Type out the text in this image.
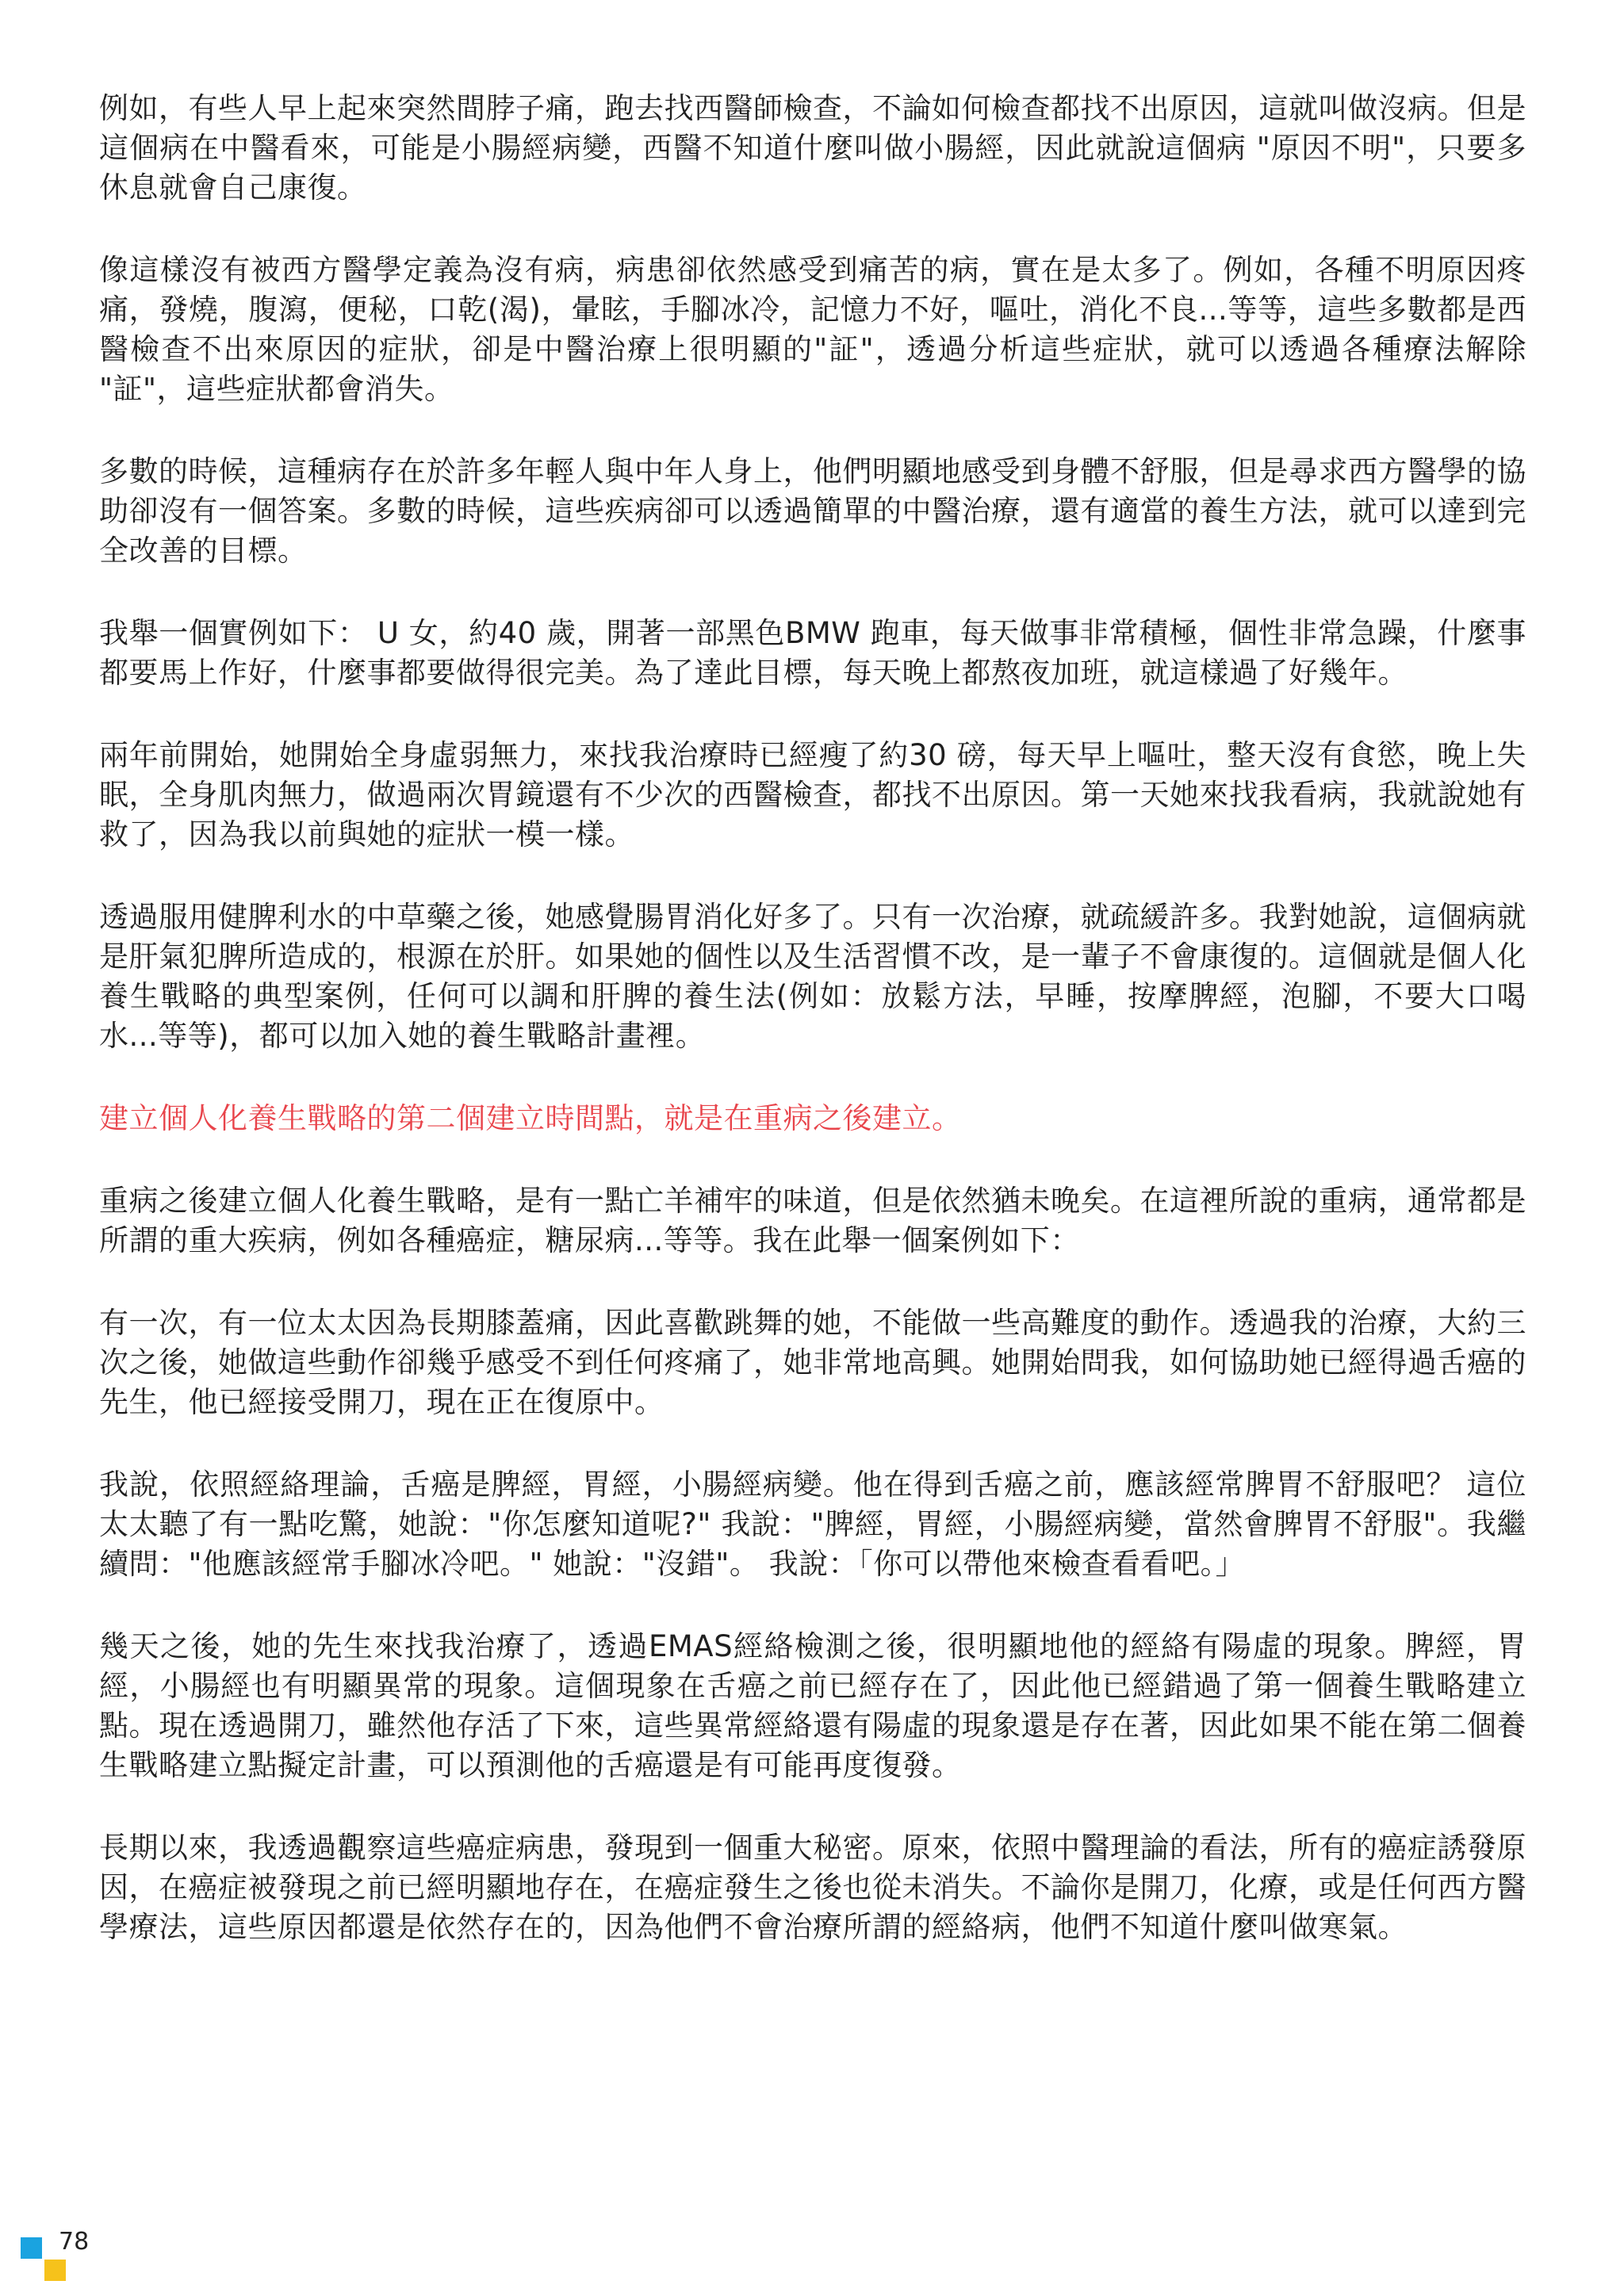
例如，有些人早上起來突然間脖子痛，跑去找西醫師檢查，不論如何檢查都找不出原因，這就叫做沒病。但是這個病在中醫看來，可能是小腸經病變，西醫不知道什麼叫做小腸經，因此就說這個病 "原因不明"，只要多休息就會自己康復。

像這樣沒有被西方醫學定義為沒有病，病患卻依然感受到痛苦的病，實在是太多了。例如，各種不明原因疼痛，發燒，腹瀉，便秘，口乾(渴)，暈眩，手腳冰冷，記憶力不好，嘔吐，消化不良...等等，這些多數都是西醫檢查不出來原因的症狀，卻是中醫治療上很明顯的"証"，透過分析這些症狀，就可以透過各種療法解除 "証"，這些症狀都會消失。

多數的時候，這種病存在於許多年輕人與中年人身上，他們明顯地感受到身體不舒服，但是尋求西方醫學的協助卻沒有一個答案。多數的時候，這些疾病卻可以透過簡單的中醫治療，還有適當的養生方法，就可以達到完全改善的目標。

我舉一個實例如下： U 女，約40 歲，開著一部黑色BMW 跑車，每天做事非常積極，個性非常急躁，什麼事都要馬上作好，什麼事都要做得很完美。為了達此目標，每天晚上都熬夜加班，就這樣過了好幾年。

兩年前開始，她開始全身虛弱無力，來找我治療時已經瘦了約30 磅，每天早上嘔吐，整天沒有食慾，晚上失眠，全身肌肉無力，做過兩次胃鏡還有不少次的西醫檢查，都找不出原因。第一天她來找我看病，我就說她有救了，因為我以前與她的症狀一模一樣。

透過服用健脾利水的中草藥之後，她感覺腸胃消化好多了。只有一次治療，就疏緩許多。我對她說，這個病就是肝氣犯脾所造成的，根源在於肝。如果她的個性以及生活習慣不改，是一輩子不會康復的。這個就是個人化養生戰略的典型案例，任何可以調和肝脾的養生法(例如：放鬆方法，早睡，按摩脾經，泡腳，不要大口喝水...等等)，都可以加入她的養生戰略計畫裡。

建立個人化養生戰略的第二個建立時間點，就是在重病之後建立。

重病之後建立個人化養生戰略，是有一點亡羊補牢的味道，但是依然猶未晚矣。在這裡所說的重病，通常都是所謂的重大疾病，例如各種癌症，糖尿病...等等。我在此舉一個案例如下：

有一次，有一位太太因為長期膝蓋痛，因此喜歡跳舞的她，不能做一些高難度的動作。透過我的治療，大約三次之後，她做這些動作卻幾乎感受不到任何疼痛了，她非常地高興。她開始問我，如何協助她已經得過舌癌的先生，他已經接受開刀，現在正在復原中。

我說，依照經絡理論，舌癌是脾經，胃經，小腸經病變。他在得到舌癌之前，應該經常脾胃不舒服吧？ 這位太太聽了有一點吃驚，她說："你怎麼知道呢?" 我說："脾經，胃經，小腸經病變，當然會脾胃不舒服"。我繼續問："他應該經常手腳冰冷吧。" 她說："沒錯"。 我說：「你可以帶他來檢查看看吧。」

幾天之後，她的先生來找我治療了，透過EMAS經絡檢測之後，很明顯地他的經絡有陽虛的現象。脾經，胃經，小腸經也有明顯異常的現象。這個現象在舌癌之前已經存在了，因此他已經錯過了第一個養生戰略建立點。現在透過開刀，雖然他存活了下來，這些異常經絡還有陽虛的現象還是存在著，因此如果不能在第二個養生戰略建立點擬定計畫，可以預測他的舌癌還是有可能再度復發。

長期以來，我透過觀察這些癌症病患，發現到一個重大秘密。原來，依照中醫理論的看法，所有的癌症誘發原因，在癌症被發現之前已經明顯地存在，在癌症發生之後也從未消失。不論你是開刀，化療，或是任何西方醫學療法，這些原因都還是依然存在的，因為他們不會治療所謂的經絡病，他們不知道什麼叫做寒氣。

78
